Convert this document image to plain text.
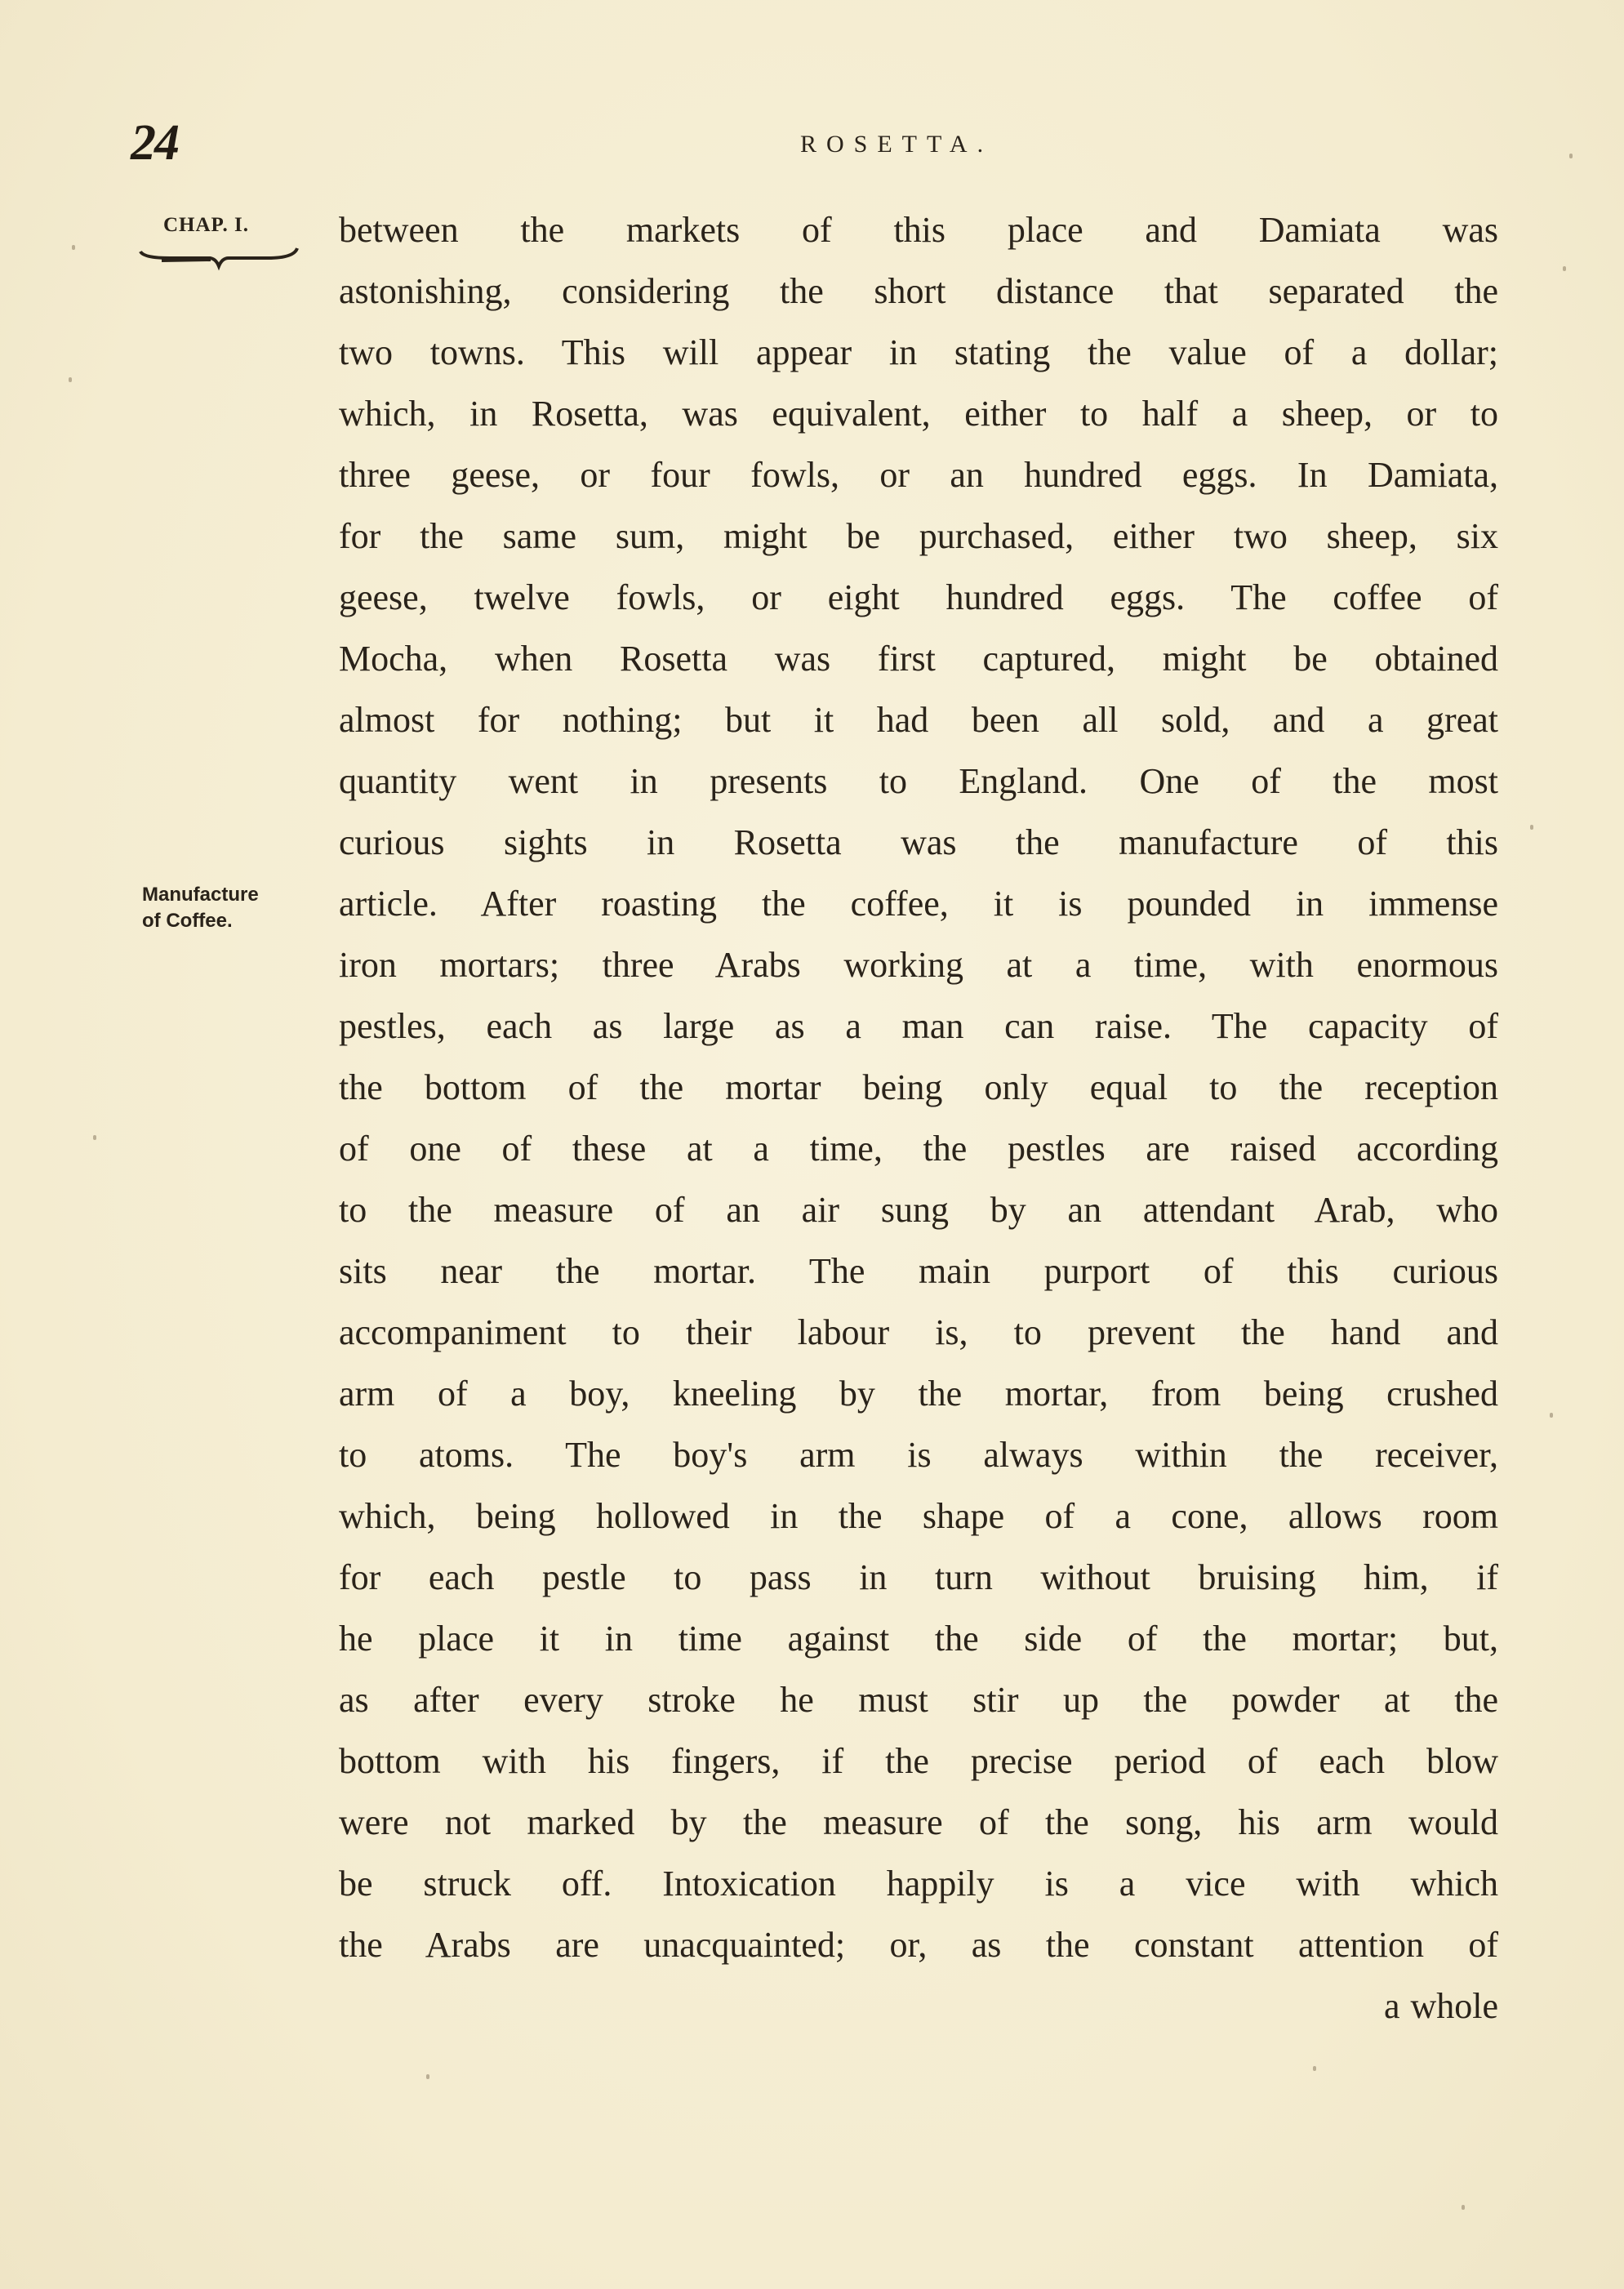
24	ROSETTA.
CHAP. I.
Manufacture
of Coffee.
between the markets of this place and Damiata was
astonishing, considering the short distance that separated the
two towns. This will appear in stating the value of a dollar;
which, in Rosetta, was equivalent, either to half a sheep, or to
three geese, or four fowls, or an hundred eggs. In Damiata,
for the same sum, might be purchased, either two sheep, six
geese, twelve fowls, or eight hundred eggs. The coffee of
Mocha, when Rosetta was first captured, might be obtained
almost for nothing; but it had been all sold, and a great
quantity went in presents to England. One of the most
curious sights in Rosetta was the manufacture of this
article. After roasting the coffee, it is pounded in immense
iron mortars; three Arabs working at a time, with enormous
pestles, each as large as a man can raise. The capacity of
the bottom of the mortar being only equal to the reception
of one of these at a time, the pestles are raised according
to the measure of an air sung by an attendant Arab, who
sits near the mortar. The main purport of this curious
accompaniment to their labour is, to prevent the hand and
arm of a boy, kneeling by the mortar, from being crushed
to atoms. The boy's arm is always within the receiver,
which, being hollowed in the shape of a cone, allows room
for each pestle to pass in turn without bruising him, if
he place it in time against the side of the mortar; but,
as after every stroke he must stir up the powder at the
bottom with his fingers, if the precise period of each blow
were not marked by the measure of the song, his arm would
be struck off. Intoxication happily is a vice with which
the Arabs are unacquainted; or, as the constant attention of
a whole
